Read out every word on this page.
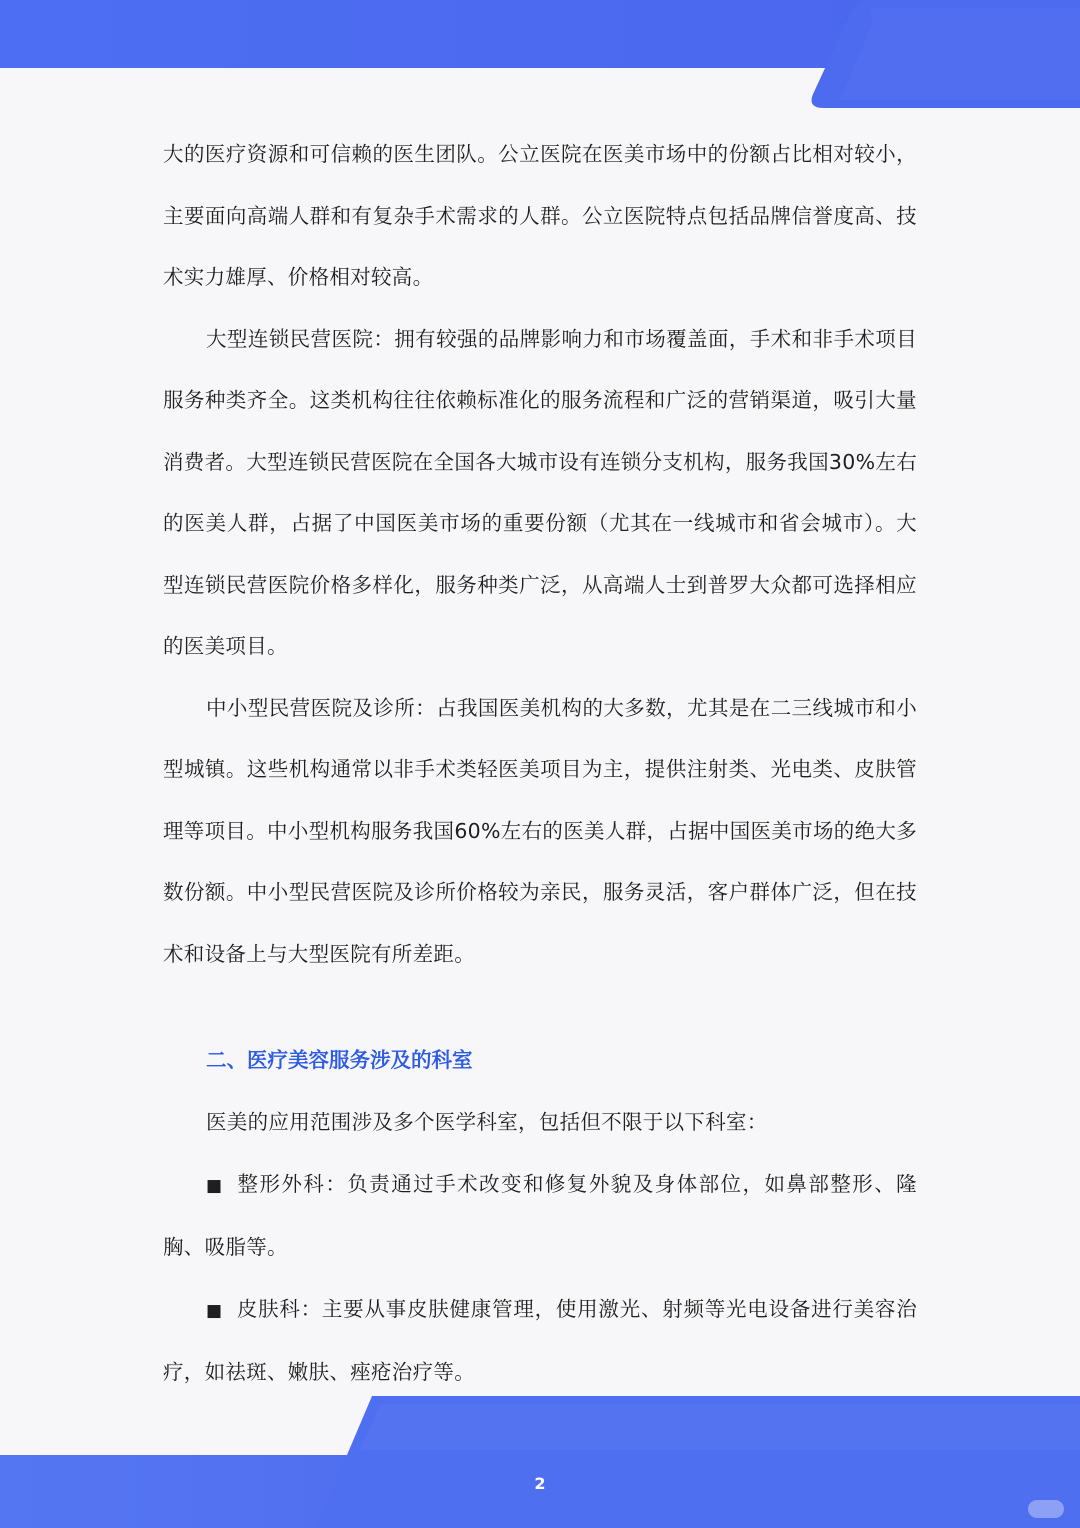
大的医疗资源和可信赖的医生团队。公立医院在医美市场中的份额占比相对较小，主要面向高端人群和有复杂手术需求的人群。公立医院特点包括品牌信誉度高、技术实力雄厚、价格相对较高。

大型连锁民营医院：拥有较强的品牌影响力和市场覆盖面，手术和非手术项目服务种类齐全。这类机构往往依赖标准化的服务流程和广泛的营销渠道，吸引大量消费者。大型连锁民营医院在全国各大城市设有连锁分支机构，服务我国30%左右的医美人群，占据了中国医美市场的重要份额（尤其在一线城市和省会城市）。大型连锁民营医院价格多样化，服务种类广泛，从高端人士到普罗大众都可选择相应的医美项目。

中小型民营医院及诊所：占我国医美机构的大多数，尤其是在二三线城市和小型城镇。这些机构通常以非手术类轻医美项目为主，提供注射类、光电类、皮肤管理等项目。中小型机构服务我国60%左右的医美人群，占据中国医美市场的绝大多数份额。中小型民营医院及诊所价格较为亲民，服务灵活，客户群体广泛，但在技术和设备上与大型医院有所差距。

二、医疗美容服务涉及的科室

医美的应用范围涉及多个医学科室，包括但不限于以下科室：

■ 整形外科：负责通过手术改变和修复外貌及身体部位，如鼻部整形、隆胸、吸脂等。

■ 皮肤科：主要从事皮肤健康管理，使用激光、射频等光电设备进行美容治疗，如祛斑、嫩肤、痤疮治疗等。

2
